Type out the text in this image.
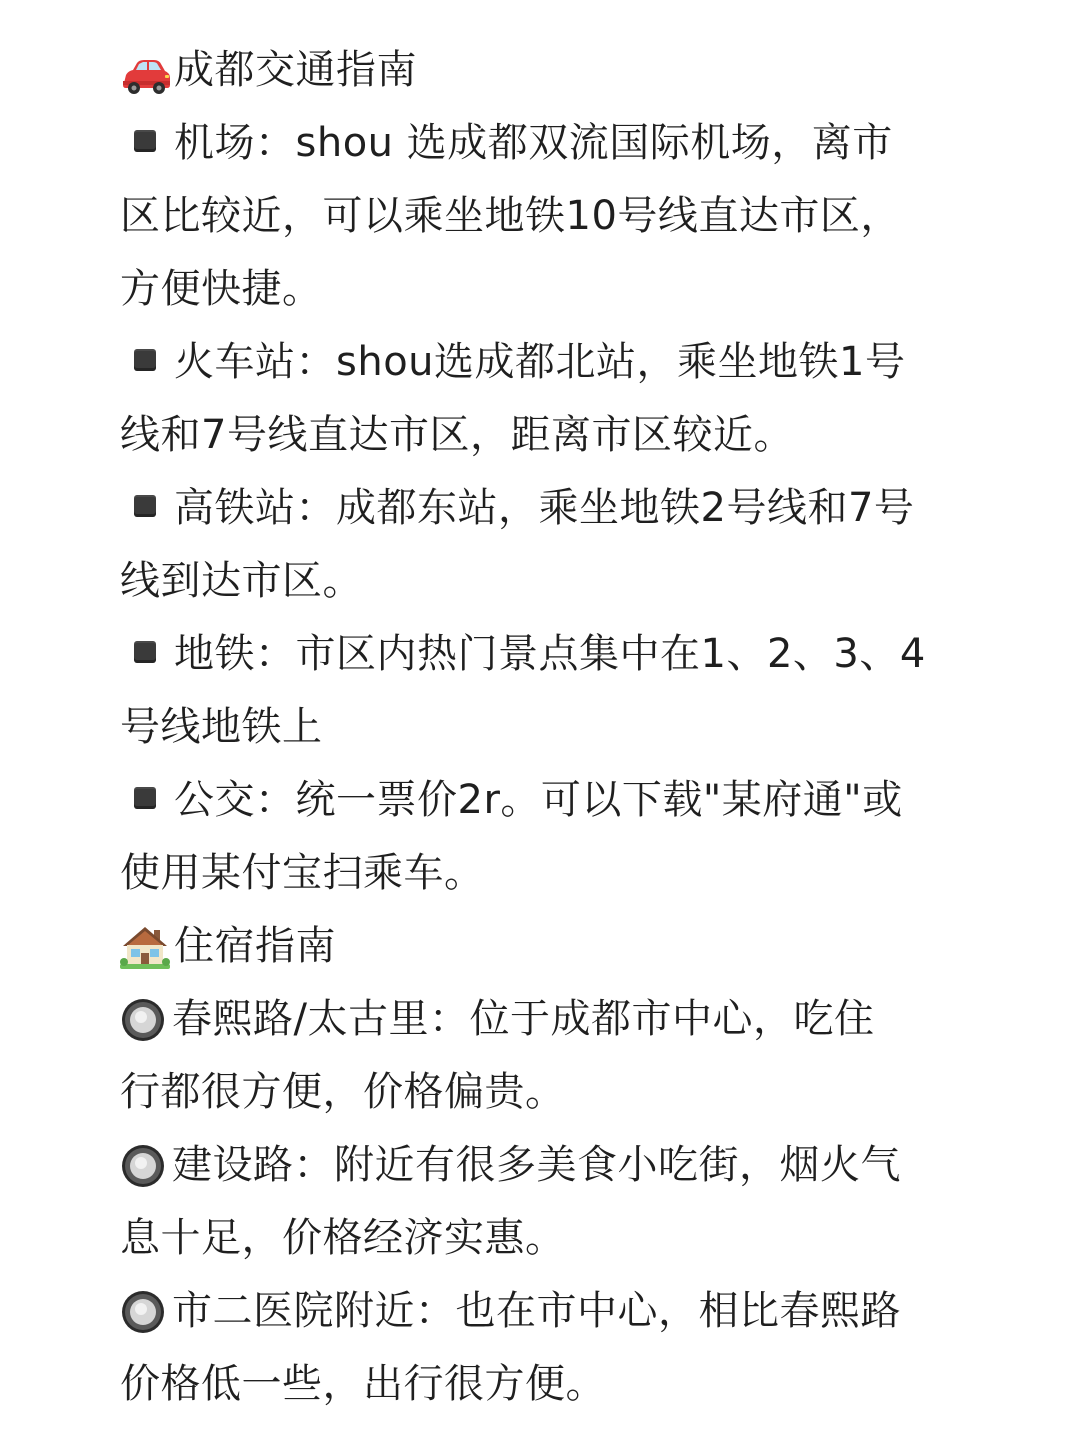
成都交通指南
机场：shou 选成都双流国际机场，离市
区比较近，可以乘坐地铁10号线直达市区，
方便快捷。
火车站：shou选成都北站，乘坐地铁1号
线和7号线直达市区，距离市区较近。
高铁站：成都东站，乘坐地铁2号线和7号
线到达市区。
地铁：市区内热门景点集中在1、2、3、4
号线地铁上
公交：统一票价2r。可以下载"某府通"或
使用某付宝扫乘车。
住宿指南
春熙路/太古里：位于成都市中心，吃住
行都很方便，价格偏贵。
建设路：附近有很多美食小吃街，烟火气
息十足，价格经济实惠。
市二医院附近：也在市中心，相比春熙路
价格低一些，出行很方便。
